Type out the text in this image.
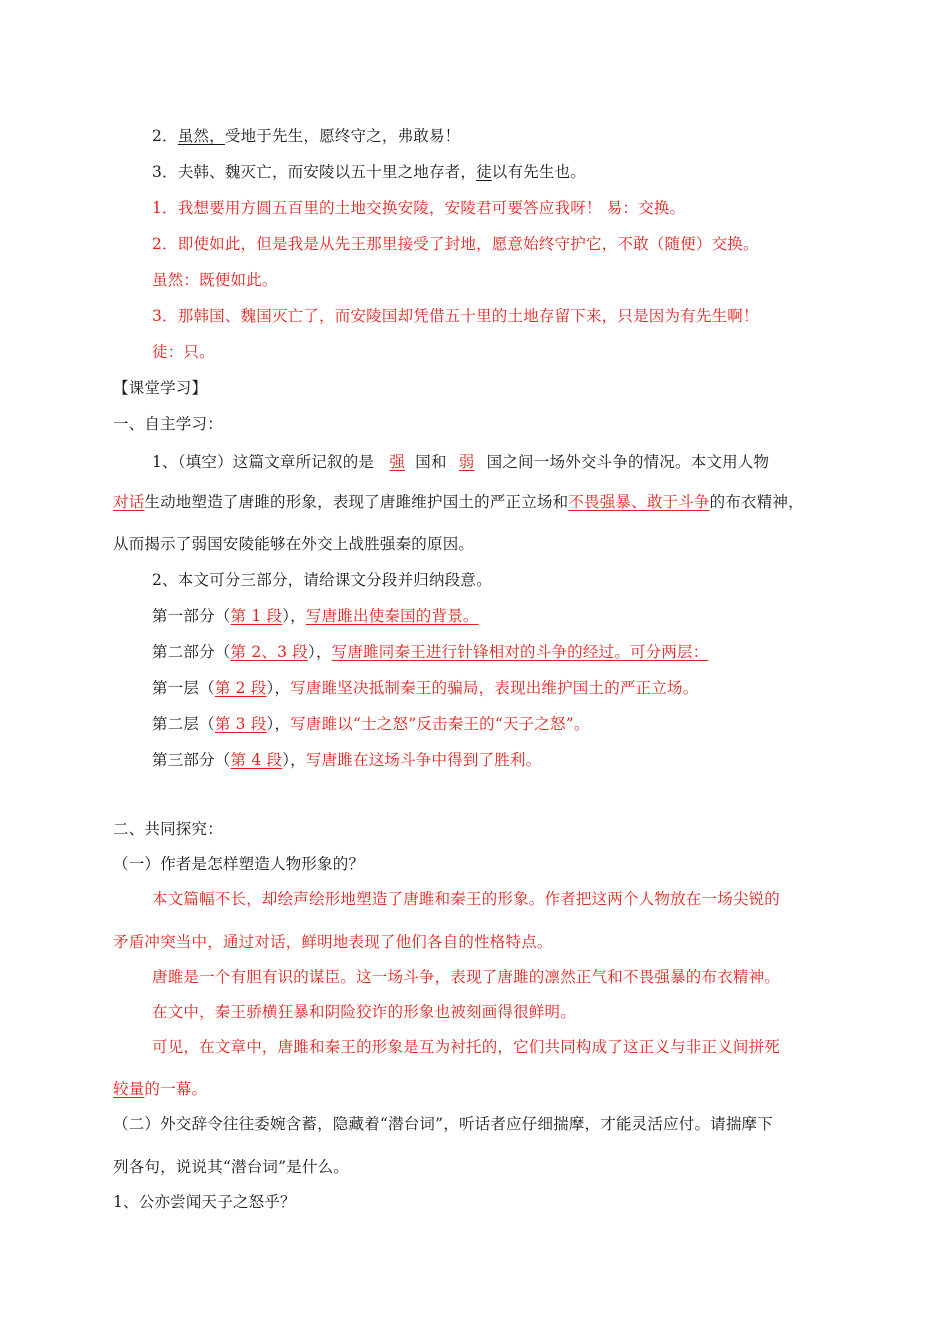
2．虽然，受地于先生，愿终守之，弗敢易！
3．夫韩、魏灭亡，而安陵以五十里之地存者，徒以有先生也。
1．我想要用方圆五百里的土地交换安陵，安陵君可要答应我呀！ 易：交换。
2．即使如此，但是我是从先王那里接受了封地，愿意始终守护它，不敢（随便）交换。
虽然：既便如此。
3．那韩国、魏国灭亡了，而安陵国却凭借五十里的土地存留下来，只是因为有先生啊！
徒：只。
【课堂学习】
一、自主学习：
1、（填空）这篇文章所记叙的是 强 国和 弱 国之间一场外交斗争的情况。本文用人物
对话生动地塑造了唐雎的形象，表现了唐雎维护国土的严正立场和不畏强暴、敢于斗争的布衣精神，
从而揭示了弱国安陵能够在外交上战胜强秦的原因。
2、本文可分三部分，请给课文分段并归纳段意。
第一部分（第 1 段），写唐雎出使秦国的背景。
第二部分（第 2、3 段），写唐雎同秦王进行针锋相对的斗争的经过。可分两层：
第一层（第 2 段），写唐雎坚决抵制秦王的骗局，表现出维护国土的严正立场。
第二层（第 3 段），写唐雎以“士之怒”反击秦王的“天子之怒”。
第三部分（第 4 段），写唐雎在这场斗争中得到了胜利。
二、共同探究：
（一）作者是怎样塑造人物形象的？
本文篇幅不长，却绘声绘形地塑造了唐雎和秦王的形象。作者把这两个人物放在一场尖锐的
矛盾冲突当中，通过对话，鲜明地表现了他们各自的性格特点。
唐雎是一个有胆有识的谋臣。这一场斗争，表现了唐雎的凛然正气和不畏强暴的布衣精神。
在文中，秦王骄横狂暴和阴险狡诈的形象也被刻画得很鲜明。
可见，在文章中，唐雎和秦王的形象是互为衬托的，它们共同构成了这正义与非正义间拼死
较量的一幕。
（二）外交辞令往往委婉含蓄，隐藏着“潜台词”，听话者应仔细揣摩，才能灵活应付。请揣摩下
列各句，说说其“潜台词”是什么。
1、公亦尝闻天子之怒乎？
